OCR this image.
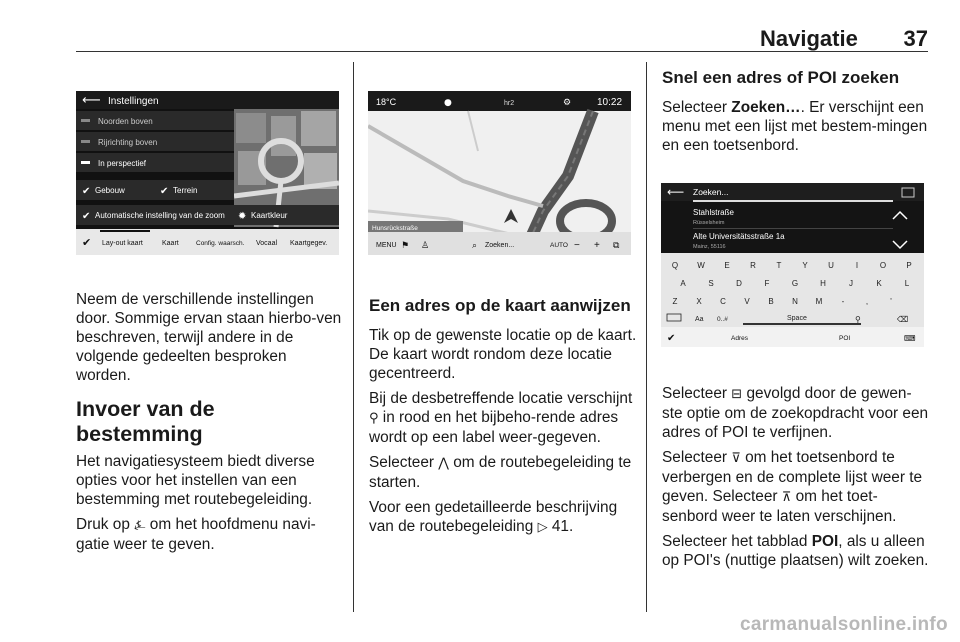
Navigatie	37
⟵ Instellingen
Noorden boven
Rijrichting boven
In perspectief
✔ Gebouw	✔ Terrein
✔ Automatische instelling van de zoom ✹ Kaartkleur
✔ Lay-out kaart	Kaart	Config. waarsch. Vocaal Kaartgegev.

Neem de verschillende instellingen door. Sommige ervan staan hierbo-ven beschreven, terwijl andere in de volgende gedeelten besproken worden.

Invoer van de bestemming

Het navigatiesysteem biedt diverse opties voor het instellen van een bestemming met routebegeleiding.

Druk op ⍼ om het hoofdmenu navi-gatie weer te geven.

18°C	●	hr2	⚙	10:22
Hunsrückstraße
MENU ⚑ ♙	⌕ Zoeken...	AUTO − + ⧉
Een adres op de kaart aanwijzen

Tik op de gewenste locatie op de kaart. De kaart wordt rondom deze locatie gecentreerd.

Bij de desbetreffende locatie verschijnt ⚲ in rood en het bijbeho-rende adres wordt op een label weer-gegeven.

Selecteer ⋀ om de routebegeleiding te starten.

Voor een gedetailleerde beschrijving van de routebegeleiding ▷ 41.

Snel een adres of POI zoeken

Selecteer Zoeken…. Er verschijnt een menu met een lijst met bestem-mingen en een toetsenbord.

⟵ Zoeken...
Stahlstraße
Rüsselsheim
Alte Universitätsstraße 1a
Mainz, 55116
Q W E	R	T	Y	U	I	O	P
A	S	D	F	G	H	J	K	L
Z X C V B N M -	,	'
Aa 0..#	Space	⚲	⌫
✔	Adres	POI	⌨

Selecteer ⊟ gevolgd door de gewen-ste optie om de zoekopdracht voor een adres of POI te verfijnen.

Selecteer ⊽ om het toetsenbord te verbergen en de complete lijst weer te geven. Selecteer ⊼ om het toet-senbord weer te laten verschijnen.

Selecteer het tabblad POI, als u alleen op POI's (nuttige plaatsen) wilt zoeken.

carmanualsonline.info
